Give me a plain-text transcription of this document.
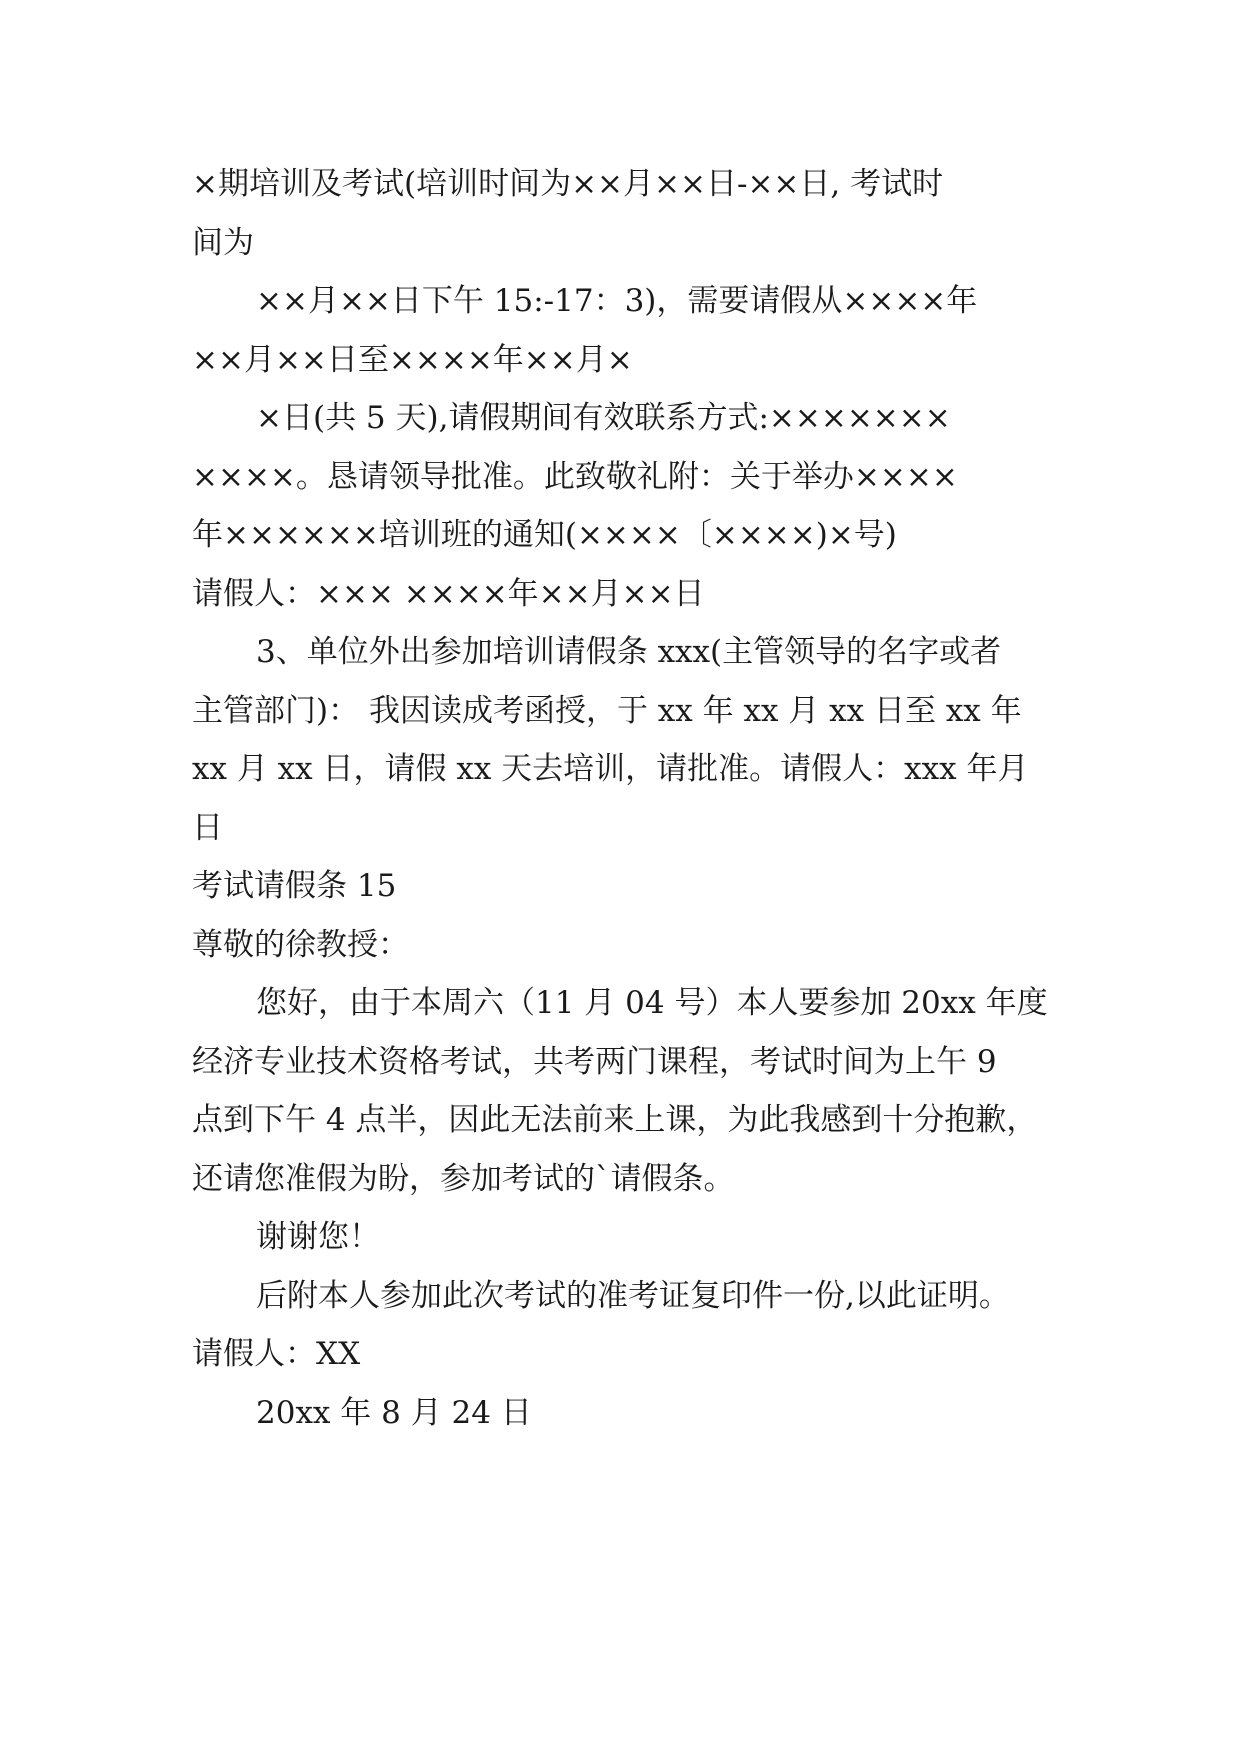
×期培训及考试(培训时间为××月××日-××日, 考试时
间为
××月××日下午 15:-17：3)，需要请假从××××年
××月××日至××××年××月×
×日(共 5 天),请假期间有效联系方式:×××××××
××××。恳请领导批准。此致敬礼附：关于举办××××
年××××××培训班的通知(××××〔××××)×号)
请假人：××× ××××年××月××日
3、单位外出参加培训请假条 xxx(主管领导的名字或者
主管部门)： 我因读成考函授，于 xx 年 xx 月 xx 日至 xx 年
xx 月 xx 日，请假 xx 天去培训，请批准。请假人：xxx 年月
日
考试请假条 15
尊敬的徐教授：
您好，由于本周六（11 月 04 号）本人要参加 20xx 年度
经济专业技术资格考试，共考两门课程，考试时间为上午 9
点到下午 4 点半，因此无法前来上课，为此我感到十分抱歉，
还请您准假为盼，参加考试的`请假条。
谢谢您！
后附本人参加此次考试的准考证复印件一份,以此证明。
请假人：XX
20xx 年 8 月 24 日
